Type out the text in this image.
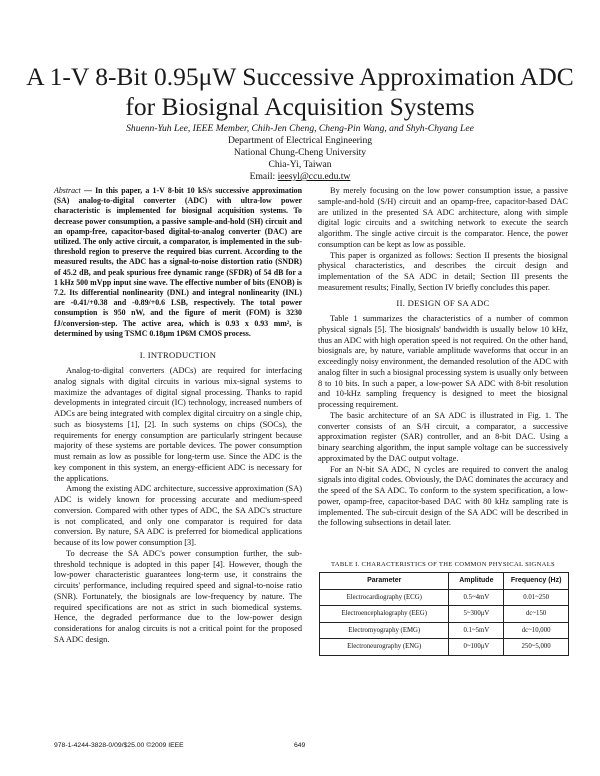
A 1-V 8-Bit 0.95μW Successive Approximation ADC
for Biosignal Acquisition Systems
Shuenn-Yuh Lee, IEEE Member, Chih-Jen Cheng, Cheng-Pin Wang, and Shyh-Chyang Lee
Department of Electrical Engineering
National Chung-Cheng University
Chia-Yi, Taiwan
Email: ieesyl@ccu.edu.tw
Abstract — In this paper, a 1-V 8-bit 10 kS/s successive approximation (SA) analog-to-digital converter (ADC) with ultra-low power characteristic is implemented for biosignal acquisition systems. To decrease power consumption, a passive sample-and-hold (SH) circuit and an opamp-free, capacitor-based digital-to-analog converter (DAC) are utilized. The only active circuit, a comparator, is implemented in the sub-threshold region to preserve the required bias current. According to the measured results, the ADC has a signal-to-noise distortion ratio (SNDR) of 45.2 dB, and peak spurious free dynamic range (SFDR) of 54 dB for a 1 kHz 500 mVpp input sine wave. The effective number of bits (ENOB) is 7.2. Its differential nonlinearity (DNL) and integral nonlinearity (INL) are -0.41/+0.38 and -0.89/+0.6 LSB, respectively. The total power consumption is 950 nW, and the figure of merit (FOM) is 3230 fJ/conversion-step. The active area, which is 0.93 x 0.93 mm², is determined by using TSMC 0.18μm 1P6M CMOS process.
I. INTRODUCTION

Analog-to-digital converters (ADCs) are required for interfacing analog signals with digital circuits in various mix-signal systems to maximize the advantages of digital signal processing. Thanks to rapid developments in integrated circuit (IC) technology, increased numbers of ADCs are being integrated with complex digital circuitry on a single chip, such as biosystems [1], [2]. In such systems on chips (SOCs), the requirements for energy consumption are particularly stringent because majority of these systems are portable devices. The power consumption must remain as low as possible for long-term use. Since the ADC is the key component in this system, an energy-efficient ADC is necessary for the applications.

Among the existing ADC architecture, successive approximation (SA) ADC is widely known for processing accurate and medium-speed conversion. Compared with other types of ADC, the SA ADC's structure is not complicated, and only one comparator is required for data conversion. By nature, SA ADC is preferred for biomedical applications because of its low power consumption [3].

To decrease the SA ADC's power consumption further, the sub-threshold technique is adopted in this paper [4]. However, though the low-power characteristic guarantees long-term use, it constrains the circuits' performance, including required speed and signal-to-noise ratio (SNR). Fortunately, the biosignals are low-frequency by nature. The required specifications are not as strict in such biomedical systems. Hence, the degraded performance due to the low-power design considerations for analog circuits is not a critical point for the proposed SA ADC design.

By merely focusing on the low power consumption issue, a passive sample-and-hold (S/H) circuit and an opamp-free, capacitor-based DAC are utilized in the presented SA ADC architecture, along with simple digital logic circuits and a switching network to execute the search algorithm. The single active circuit is the comparator. Hence, the power consumption can be kept as low as possible.

This paper is organized as follows: Section II presents the biosignal physical characteristics, and describes the circuit design and implementation of the SA ADC in detail; Section III presents the measurement results; Finally, Section IV briefly concludes this paper.

II. DESIGN OF SA ADC

Table 1 summarizes the characteristics of a number of common physical signals [5]. The biosignals' bandwidth is usually below 10 kHz, thus an ADC with high operation speed is not required. On the other hand, biosignals are, by nature, variable amplitude waveforms that occur in an exceedingly noisy environment, the demanded resolution of the ADC with analog filter in such a biosignal processing system is usually only between 8 to 10 bits. In such a paper, a low-power SA ADC with 8-bit resolution and 10-kHz sampling frequency is designed to meet the biosignal processing requirement.

The basic architecture of an SA ADC is illustrated in Fig. 1. The converter consists of an S/H circuit, a comparator, a successive approximation register (SAR) controller, and an 8-bit DAC. Using a binary searching algorithm, the input sample voltage can be successively approximated by the DAC output voltage.

For an N-bit SA ADC, N cycles are required to convert the analog signals into digital codes. Obviously, the DAC dominates the accuracy and the speed of the SA ADC. To conform to the system specification, a low-power, opamp-free, capacitor-based DAC with 80 kHz sampling rate is implemented. The sub-circuit design of the SA ADC will be described in the following subsections in detail later.

TABLE I. CHARACTERISTICS OF THE COMMON PHYSICAL SIGNALS
Parameter	Amplitude	Frequency (Hz)
Electrocardiography (ECG)	0.5~4mV	0.01~250
Electroencephalography (EEG)	5~300μV	dc~150
Electromyography (EMG)	0.1~5mV	dc~10,000
Electroneurography (ENG)	0~100μV	250~5,000
978-1-4244-3828-0/09/$25.00 ©2009 IEEE	649
